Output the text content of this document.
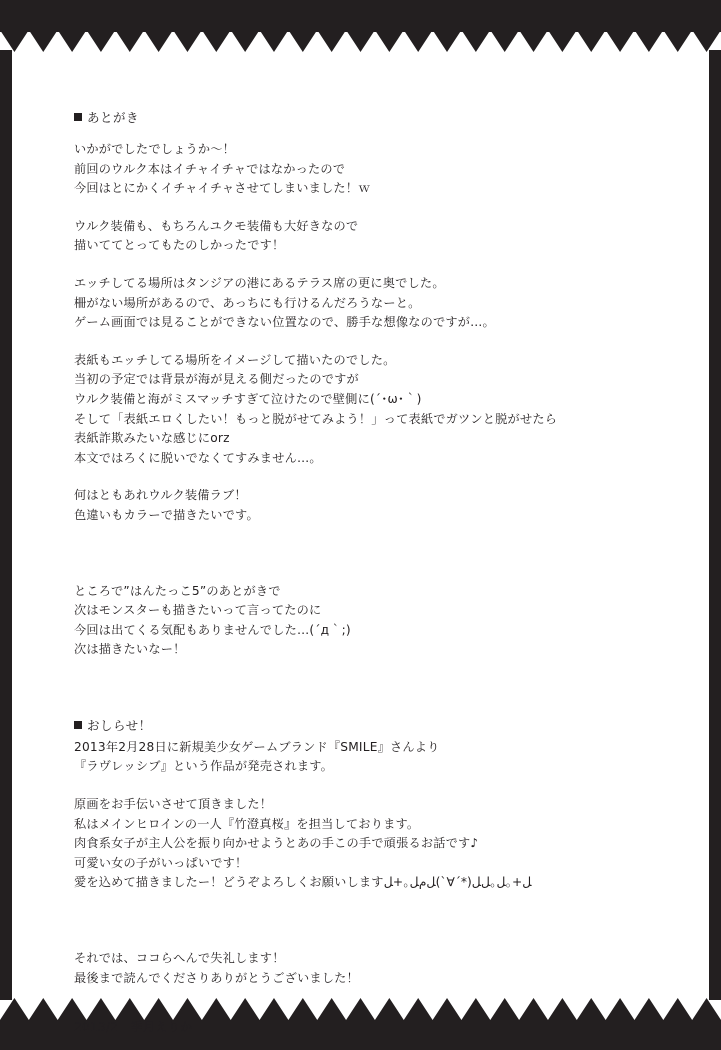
あとがき
いかがでしたでしょうか〜！
前回のウルク本はイチャイチャではなかったので
今回はとにかくイチャイチャさせてしまいました！ｗ
ウルク装備も、もちろんユクモ装備も大好きなので
描いててとってもたのしかったです！
エッチしてる場所はタンジアの港にあるテラス席の更に奥でした。
柵がない場所があるので、あっちにも行けるんだろうなーと。
ゲーム画面では見ることができない位置なので、勝手な想像なのですが…。
表紙もエッチしてる場所をイメージして描いたのでした。
当初の予定では背景が海が見える側だったのですが
ウルク装備と海がミスマッチすぎて泣けたので壁側に(´･ω･｀)
そして「表紙エロくしたい！もっと脱がせてみよう！」って表紙でガツンと脱がせたら
表紙詐欺みたいな感じにorz
本文ではろくに脱いでなくてすみません…。
何はともあれウルク装備ラブ！
色違いもカラーで描きたいです。
ところで”はんたっこ5”のあとがきで
次はモンスターも描きたいって言ってたのに
今回は出てくる気配もありませんでした…(´д｀;)
次は描きたいなー！
おしらせ！
2013年2月28日に新規美少女ゲームブランド『SMILE』さんより
『ラヴレッシブ』という作品が発売されます。
原画をお手伝いさせて頂きました！
私はメインヒロインの一人『竹澄真桜』を担当しております。
肉食系女子が主人公を振り向かせようとあの手この手で頑張るお話です♪
可愛い女の子がいっぱいです！
愛を込めて描きましたー！どうぞよろしくお願いしますﻞ+｡ﻞ｡ﻞﻞ(*´∀`)ﻞﻡﻞ｡+ﻞ
それでは、ココらへんで失礼します！
最後まで読んでくださりありがとうございました！
2013/2　季月えりか
